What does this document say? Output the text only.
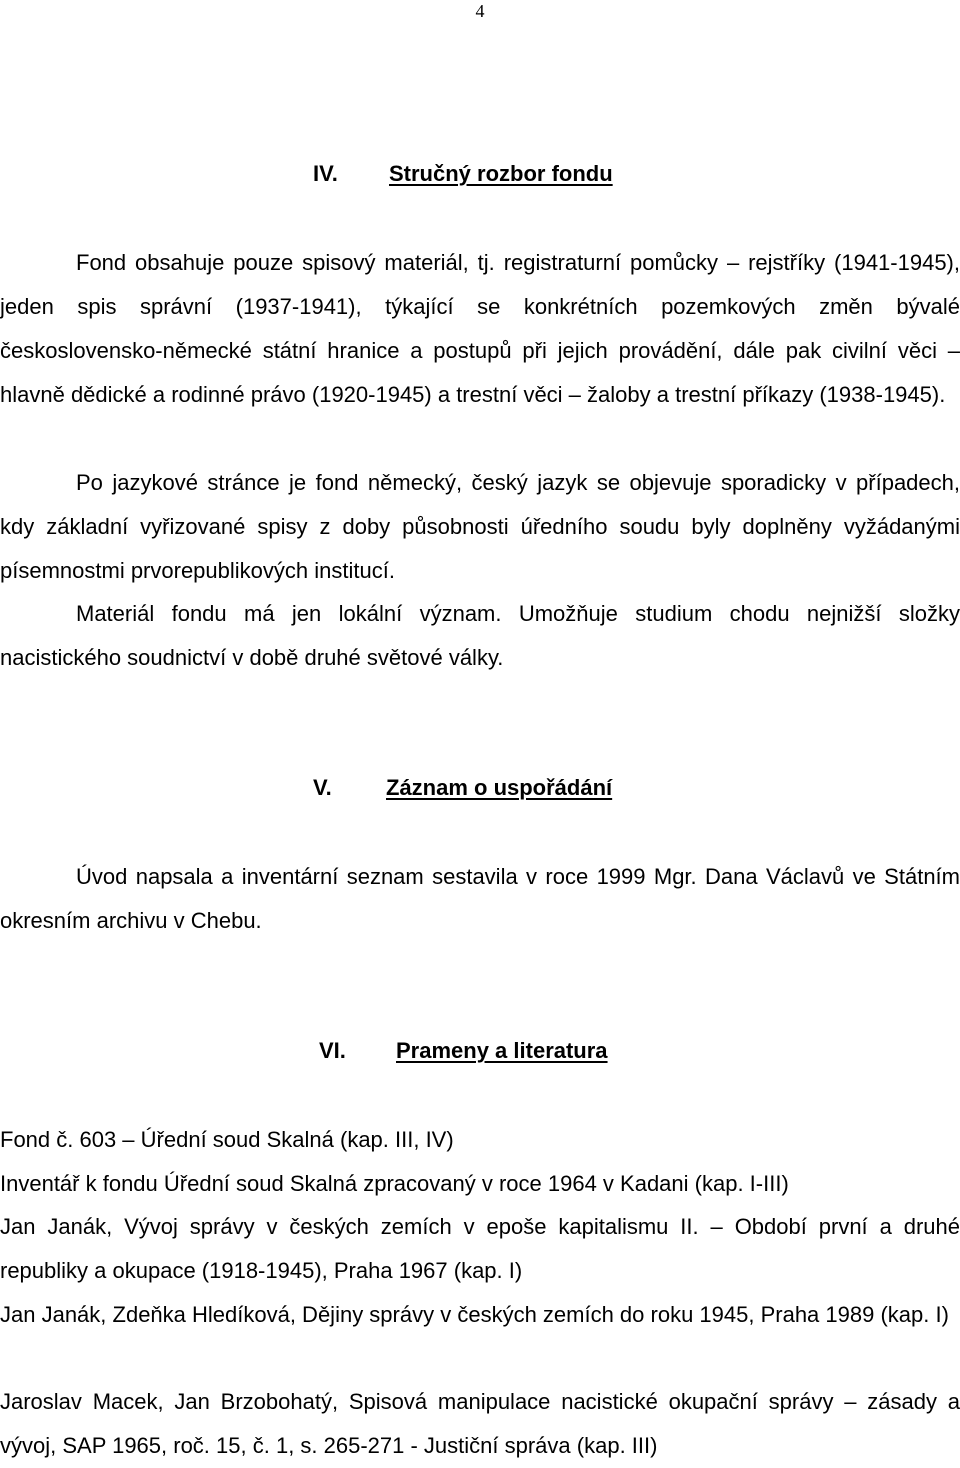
4
IV. Stručný rozbor fondu

Fond obsahuje pouze spisový materiál, tj. registraturní pomůcky – rejstříky (1941-1945), jeden spis správní (1937-1941), týkající se konkrétních pozemkových změn bývalé československo-německé státní hranice a postupů při jejich provádění, dále pak civilní věci – hlavně dědické a rodinné právo (1920-1945) a trestní věci – žaloby a trestní příkazy (1938-1945).

Po jazykové stránce je fond německý, český jazyk se objevuje sporadicky v případech, kdy základní vyřizované spisy z doby působnosti úředního soudu byly doplněny vyžádanými písemnostmi prvorepublikových institucí.

Materiál fondu má jen lokální význam. Umožňuje studium chodu nejnižší složky nacistického soudnictví v době druhé světové války.

V. Záznam o uspořádání

Úvod napsala a inventární seznam sestavila v roce 1999 Mgr. Dana Václavů ve Státním okresním archivu v Chebu.

VI. Prameny a literatura

Fond č. 603 – Úřední soud Skalná (kap. III, IV)

Inventář k fondu Úřední soud Skalná zpracovaný v roce 1964 v Kadani (kap. I-III)

Jan Janák, Vývoj správy v českých zemích v epoše kapitalismu II. – Období první a druhé republiky a okupace (1918-1945), Praha 1967 (kap. I)

Jan Janák, Zdeňka Hledíková, Dějiny správy v českých zemích do roku 1945, Praha 1989 (kap. I)

Jaroslav Macek, Jan Brzobohatý, Spisová manipulace nacistické okupační správy – zásady a vývoj, SAP 1965, roč. 15, č. 1, s. 265-271 - Justiční správa (kap. III)
